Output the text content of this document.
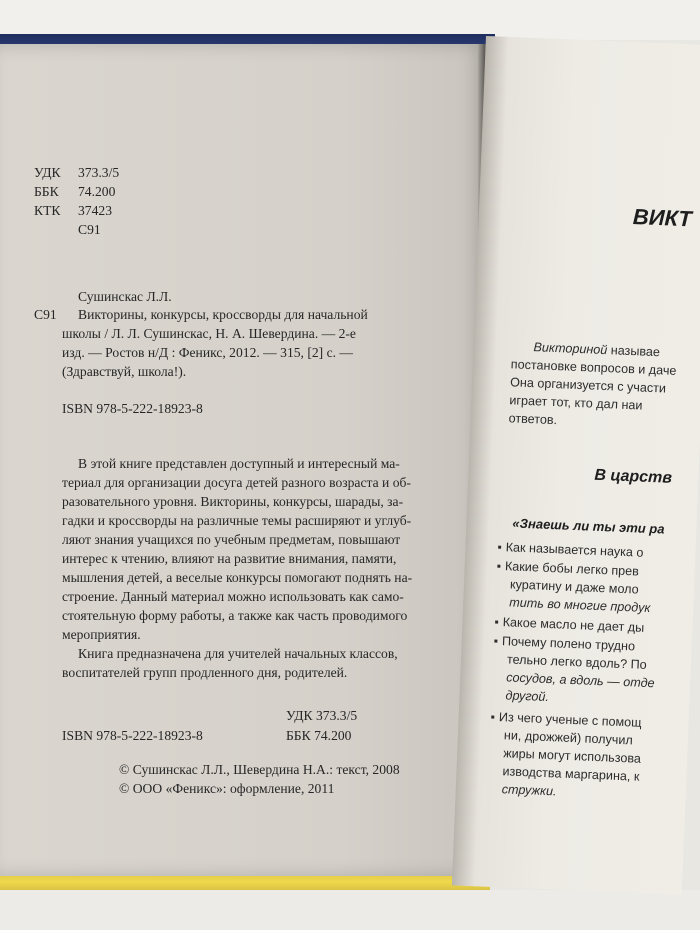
УДК 373.3/5
ББК 74.200
КТК 37423
С91
Сушинскас Л.Л.
С91 Викторины, конкурсы, кроссворды для начальной
школы / Л. Л. Сушинскас, Н. А. Шевердина. — 2-е
изд. — Ростов н/Д : Феникс, 2012. — 315, [2] с. —
(Здравствуй, школа!).
ISBN 978-5-222-18923-8
В этой книге представлен доступный и интересный ма-
териал для организации досуга детей разного возраста и об-
разовательного уровня. Викторины, конкурсы, шарады, за-
гадки и кроссворды на различные темы расширяют и углуб-
ляют знания учащихся по учебным предметам, повышают
интерес к чтению, влияют на развитие внимания, памяти,
мышления детей, а веселые конкурсы помогают поднять на-
строение. Данный материал можно использовать как само-
стоятельную форму работы, а также как часть проводимого
мероприятия.
Книга предназначена для учителей начальных классов,
воспитателей групп продленного дня, родителей.
УДК 373.3/5
ISBN 978-5-222-18923-8	ББК 74.200
© Сушинскас Л.Л., Шевердина Н.А.: текст, 2008
© ООО «Феникс»: оформление, 2011
ВИКТ
Викториной называе
постановке вопросов и даче
Она организуется с участи
играет тот, кто дал наи
ответов.
В царств
«Знаешь ли ты эти ра
▪ Как называется наука о
▪ Какие бобы легко прев
куратину и даже моло
тить во многие продук
▪ Какое масло не дает ды
▪ Почему полено трудно
тельно легко вдоль? По
сосудов, а вдоль — отде
другой.
▪ Из чего ученые с помощ
ни, дрожжей) получил
жиры могут использова
изводства маргарина, к
стружки.
